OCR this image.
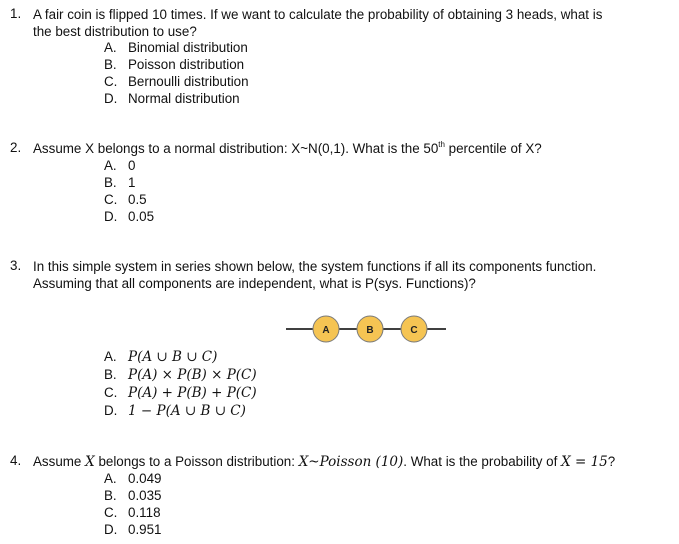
1. A fair coin is flipped 10 times. If we want to calculate the probability of obtaining 3 heads, what is
the best distribution to use?
A. Binomial distribution
B. Poisson distribution
C. Bernoulli distribution
D. Normal distribution
2. Assume X belongs to a normal distribution: X~N(0,1). What is the 50th percentile of X?
A. 0
B. 1
C. 0.5
D. 0.05
3. In this simple system in series shown below, the system functions if all its components function.
Assuming that all components are independent, what is P(sys. Functions)?
A. P(A ∪ B ∪ C)
B. P(A) × P(B) × P(C)
C. P(A) + P(B) + P(C)
D. 1 − P(A ∪ B ∪ C)
A	B	C
4. Assume X belongs to a Poisson distribution: X~Poisson (10). What is the probability of X = 15?
A. 0.049
B. 0.035
C. 0.118
D. 0.951
